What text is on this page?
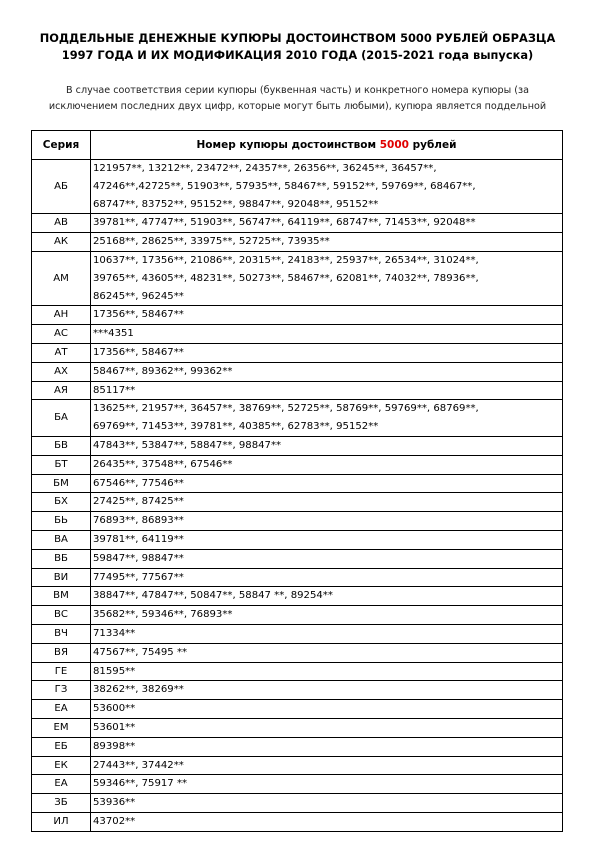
ПОДДЕЛЬНЫЕ ДЕНЕЖНЫЕ КУПЮРЫ ДОСТОИНСТВОМ 5000 РУБЛЕЙ ОБРАЗЦА
1997 ГОДА И ИХ МОДИФИКАЦИЯ 2010 ГОДА (2015-2021 года выпуска)
В случае соответствия серии купюры (буквенная часть) и конкретного номера купюры (за
исключением последних двух цифр, которые могут быть любыми), купюра является поддельной
Серия	Номер купюры достоинством 5000 рублей
АБ	121957**, 13212**, 23472**, 24357**, 26356**, 36245**, 36457**,
47246**,42725**, 51903**, 57935**, 58467**, 59152**, 59769**, 68467**,
68747**, 83752**, 95152**, 98847**, 92048**, 95152**
АВ	39781**, 47747**, 51903**, 56747**, 64119**, 68747**, 71453**, 92048**
АК	25168**, 28625**, 33975**, 52725**, 73935**
АМ	10637**, 17356**, 21086**, 20315**, 24183**, 25937**, 26534**, 31024**,
39765**, 43605**, 48231**, 50273**, 58467**, 62081**, 74032**, 78936**,
86245**, 96245**
АН	17356**, 58467**
АС	***4351
АТ	17356**, 58467**
АХ	58467**, 89362**, 99362**
АЯ	85117**
БА	13625**, 21957**, 36457**, 38769**, 52725**, 58769**, 59769**, 68769**,
69769**, 71453**, 39781**, 40385**, 62783**, 95152**
БВ	47843**, 53847**, 58847**, 98847**
БТ	26435**, 37548**, 67546**
БМ	67546**, 77546**
БХ	27425**, 87425**
БЬ	76893**, 86893**
ВА	39781**, 64119**
ВБ	59847**, 98847**
ВИ	77495**, 77567**
ВМ	38847**, 47847**, 50847**, 58847 **, 89254**
ВС	35682**, 59346**, 76893**
ВЧ	71334**
ВЯ	47567**, 75495 **
ГЕ	81595**
ГЗ	38262**, 38269**
ЕА	53600**
ЕМ	53601**
ЕБ	89398**
ЕК	27443**, 37442**
ЕА	59346**, 75917 **
ЗБ	53936**
ИЛ	43702**
